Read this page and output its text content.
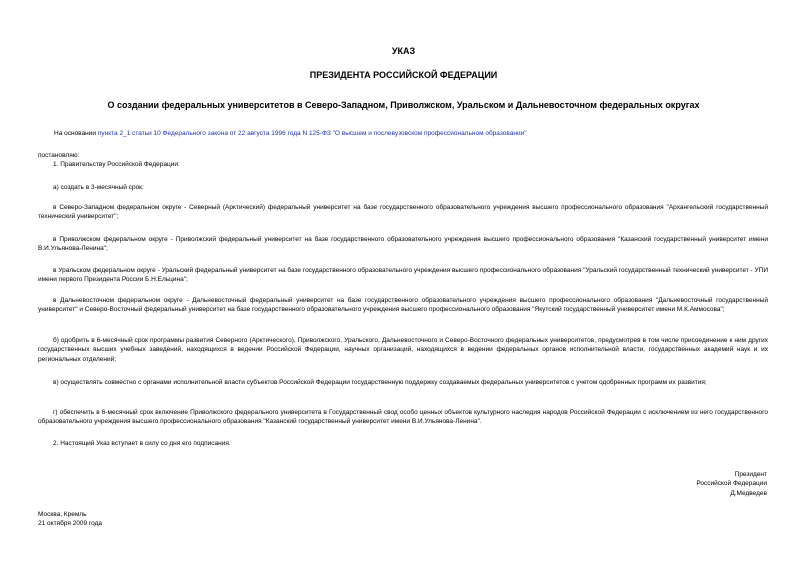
УКАЗ
ПРЕЗИДЕНТА РОССИЙСКОЙ ФЕДЕРАЦИИ
О создании федеральных университетов в Северо-Западном, Приволжском, Уральском и Дальневосточном федеральных округах
На основании пункта 2_1 статьи 10 Федерального закона от 22 августа 1996 года N 125-ФЗ "О высшем и послевузовском профессиональном образовании"
постановляю:
1. Правительству Российской Федерации:
а) создать в 3-месячный срок:
в Северо-Западном федеральном округе - Северный (Арктический) федеральный университет на базе государственного образовательного учреждения высшего профессионального образования "Архангельский государственный технический университет";
в Приволжском федеральном округе - Приволжский федеральный университет на базе государственного образовательного учреждения высшего профессионального образования "Казанский государственный университет имени В.И.Ульянова-Ленина";
в Уральском федеральном округе - Уральский федеральный университет на базе государственного образовательного учреждения высшего профессионального образования "Уральский государственный технический университет - УПИ имени первого Президента России Б.Н.Ельцина";
в Дальневосточном федеральном округе - Дальневосточный федеральный университет на базе государственного образовательного учреждения высшего профессионального образования "Дальневосточный государственный университет" и Северо-Восточный федеральный университет на базе государственного образовательного учреждения высшего профессионального образования "Якутский государственный университет имени М.К.Аммосова";
б) одобрить в 6-месячный срок программы развития Северного (Арктического), Приволжского, Уральского, Дальневосточного и Северо-Восточного федеральных университетов, предусмотрев в том числе присоединение к ним других государственных высших учебных заведений, находящихся в ведении Российской Федерации, научных организаций, находящихся в ведении федеральных органов исполнительной власти, государственных академий наук и их региональных отделений;
в) осуществлять совместно с органами исполнительной власти субъектов Российской Федерации государственную поддержку создаваемых федеральных университетов с учетом одобренных программ их развития;
г) обеспечить в 6-месячный срок включение Приволжского федерального университета в Государственный свод особо ценных объектов культурного наследия народов Российской Федерации с исключением из него государственного образовательного учреждения высшего профессионального образования "Казанский государственный университет имени В.И.Ульянова-Ленина".
2. Настоящий Указ вступает в силу со дня его подписания.
Президент
Российской Федерации
Д.Медведев
Москва, Кремль
21 октября 2009 года
